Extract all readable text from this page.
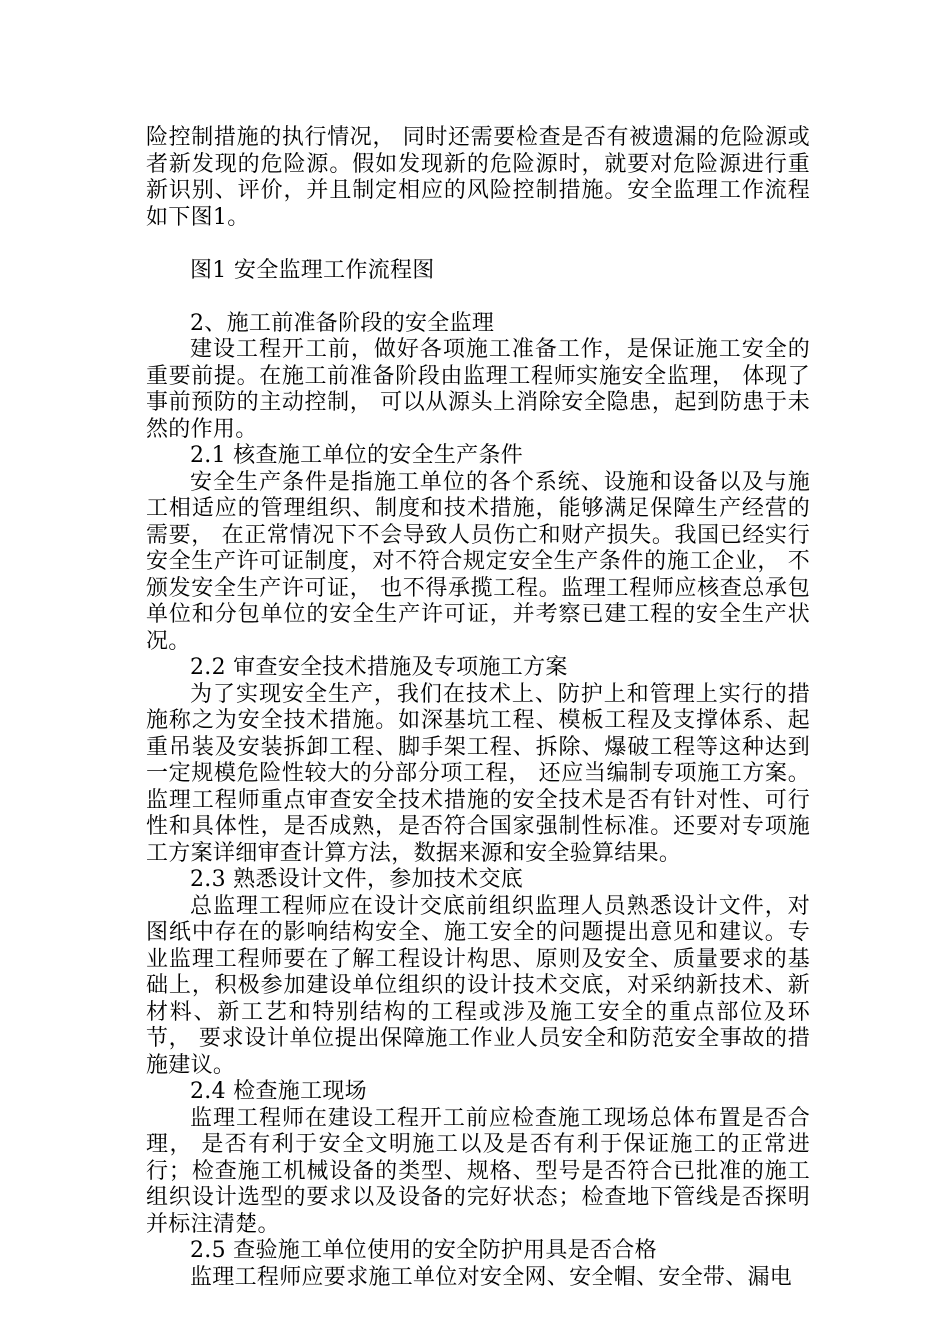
险控制措施的执行情况， 同时还需要检查是否有被遗漏的危险源或者新发现的危险源。假如发现新的危险源时，就要对危险源进行重新识别、评价，并且制定相应的风险控制措施。安全监理工作流程如下图1。

图1 安全监理工作流程图

2、施工前准备阶段的安全监理

建设工程开工前，做好各项施工准备工作，是保证施工安全的重要前提。在施工前准备阶段由监理工程师实施安全监理， 体现了事前预防的主动控制， 可以从源头上消除安全隐患，起到防患于未然的作用。

2.1 核查施工单位的安全生产条件

安全生产条件是指施工单位的各个系统、设施和设备以及与施工相适应的管理组织、制度和技术措施，能够满足保障生产经营的需要， 在正常情况下不会导致人员伤亡和财产损失。我国已经实行安全生产许可证制度，对不符合规定安全生产条件的施工企业， 不颁发安全生产许可证， 也不得承揽工程。监理工程师应核查总承包单位和分包单位的安全生产许可证，并考察已建工程的安全生产状况。

2.2 审查安全技术措施及专项施工方案

为了实现安全生产，我们在技术上、防护上和管理上实行的措施称之为安全技术措施。如深基坑工程、模板工程及支撑体系、起重吊装及安装拆卸工程、脚手架工程、拆除、爆破工程等这种达到一定规模危险性较大的分部分项工程， 还应当编制专项施工方案。监理工程师重点审查安全技术措施的安全技术是否有针对性、可行性和具体性，是否成熟，是否符合国家强制性标准。还要对专项施工方案详细审查计算方法，数据来源和安全验算结果。

2.3 熟悉设计文件，参加技术交底

总监理工程师应在设计交底前组织监理人员熟悉设计文件，对图纸中存在的影响结构安全、施工安全的问题提出意见和建议。专业监理工程师要在了解工程设计构思、原则及安全、质量要求的基础上，积极参加建设单位组织的设计技术交底，对采纳新技术、新材料、新工艺和特别结构的工程或涉及施工安全的重点部位及环节， 要求设计单位提出保障施工作业人员安全和防范安全事故的措施建议。

2.4 检查施工现场

监理工程师在建设工程开工前应检查施工现场总体布置是否合理， 是否有利于安全文明施工以及是否有利于保证施工的正常进行；检查施工机械设备的类型、规格、型号是否符合已批准的施工组织设计选型的要求以及设备的完好状态；检查地下管线是否探明并标注清楚。

2.5 查验施工单位使用的安全防护用具是否合格

监理工程师应要求施工单位对安全网、安全帽、安全带、漏电
